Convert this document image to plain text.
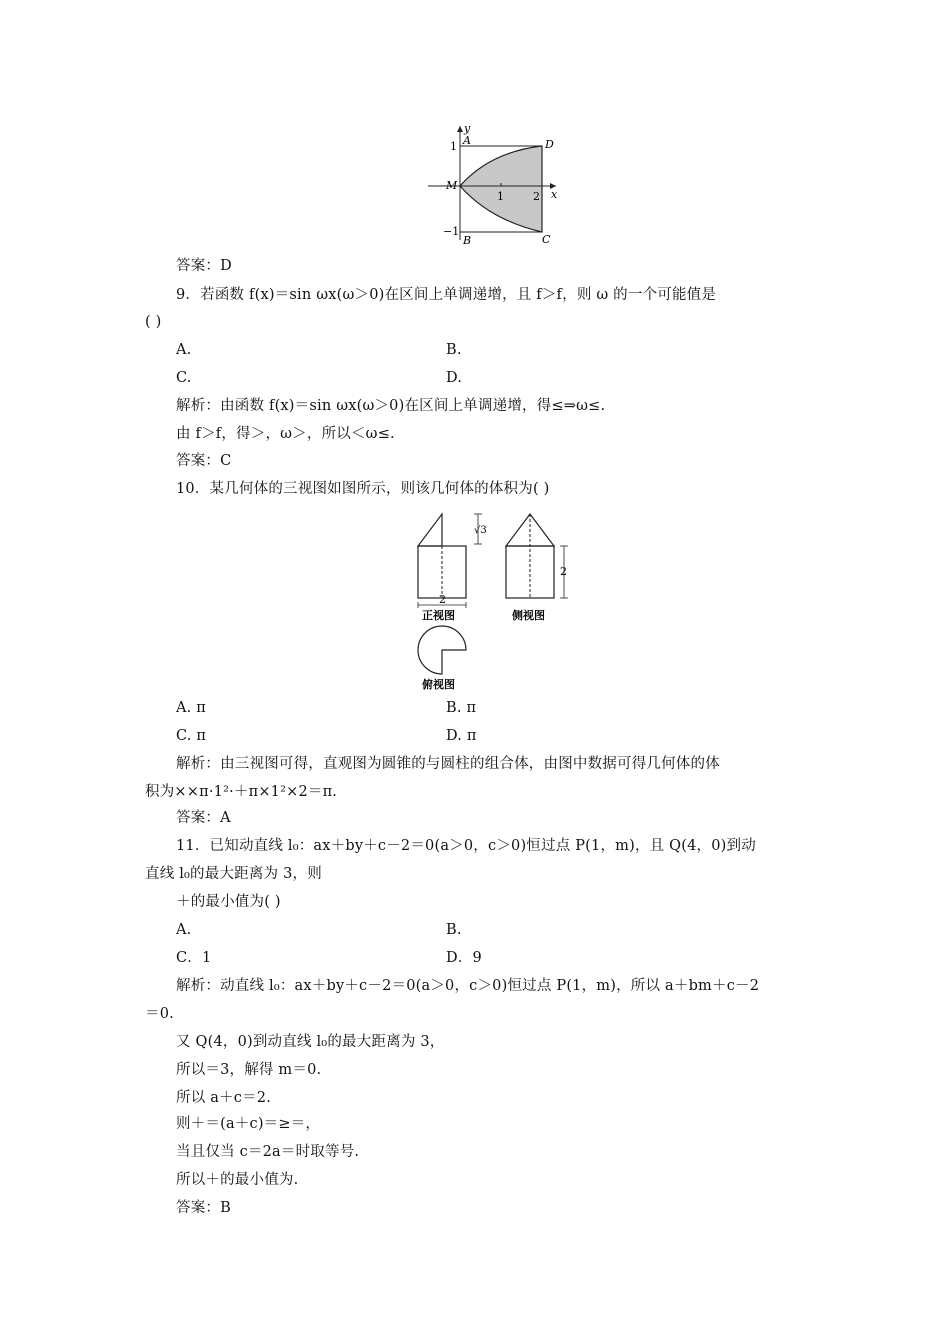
y
x
1 A	D
M
1	2
−1
B	C
答案：D
9．若函数 f(x)＝sin ωx(ω＞0)在区间上单调递增，且 f＞f，则 ω 的一个可能值是
( )
A.	B.
C.	D.
解析：由函数 f(x)＝sin ωx(ω＞0)在区间上单调递增，得≤⇒ω≤.
由 f＞f，得＞，ω＞，所以＜ω≤.
答案：C
10．某几何体的三视图如图所示，则该几何体的体积为( )
√3
2
正视图
2
侧视图
俯视图
A. π	B. π
C. π	D. π
解析：由三视图可得，直观图为圆锥的与圆柱的组合体，由图中数据可得几何体的体
积为××π·1²·＋π×1²×2＝π.
答案：A
11．已知动直线 l₀：ax＋by＋c－2＝0(a＞0，c＞0)恒过点 P(1，m)，且 Q(4，0)到动
直线 l₀的最大距离为 3，则
＋的最小值为( )
A.	B.
C．1	D．9
解析：动直线 l₀：ax＋by＋c－2＝0(a＞0，c＞0)恒过点 P(1，m)，所以 a＋bm＋c－2
＝0.
又 Q(4，0)到动直线 l₀的最大距离为 3，
所以＝3，解得 m＝0.
所以 a＋c＝2.
则＋＝(a＋c)＝≥＝，
当且仅当 c＝2a＝时取等号.
所以＋的最小值为.
答案：B
